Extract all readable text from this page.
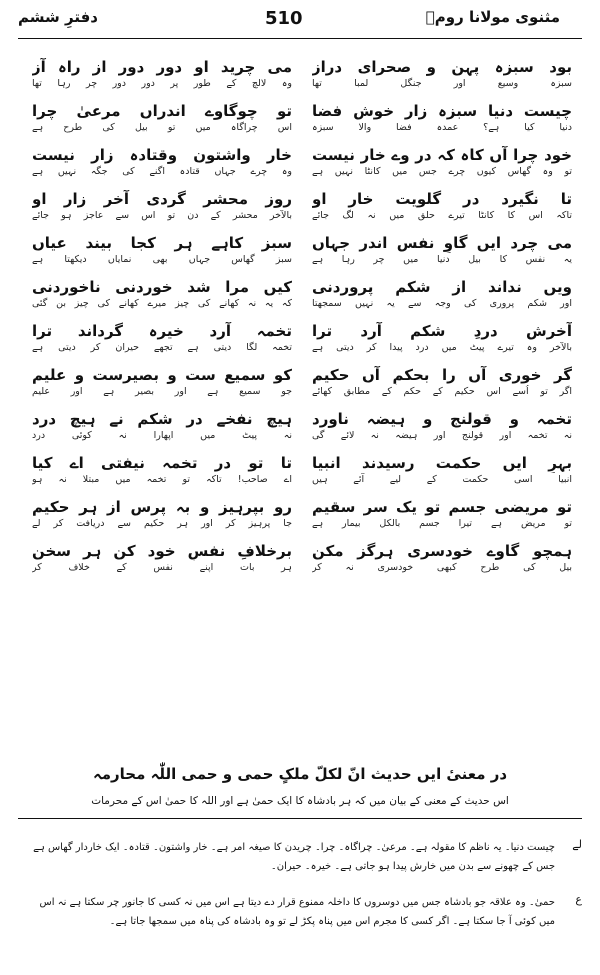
مثنوی مولانا رومؒ
510
دفترِ ششم
بود سبزہ پہن و صحرای دراز
سبزہ وسیع اور جنگل لمبا تھا
می چرید او دور دور از راہ آز
وہ لالچ کے طور پر دور دور چر رہا تھا
چیست دنیا سبزہ زار خوش فضا
دنیا کیا ہے؟ عمدہ فضا والا سبزہ
تو چوگاوے اندراں مرعیٰ چرا
اس چراگاہ میں تو بیل کی طرح ہے
خود چرا آں کاہ کہ در وے خار نیست
تو وہ گھاس کیوں چرے جس میں کانٹا نہیں ہے
خار واشتون وقتادہ زار نیست
وہ چرے جہاں قتادہ اگنے کی جگہ نہیں ہے
تا نگیرد در گلویت خار او
تاکہ اس کا کانٹا تیرے حلق میں نہ لگ جائے
روزِ محشر گردی آخر زار او
بالآخر محشر کے دن تو اس سے عاجز ہو جائے
می چرد ایں گاوِ نفس اندر جہاں
یہ نفس کا بیل دنیا میں چر رہا ہے
سبز کاہے ہر کجا بیند عیاں
سبز گھاس جہاں بھی نمایاں دیکھتا ہے
ویں نداند از شکم پروردنی
اور شکم پروری کی وجہ سے یہ نہیں سمجھتا
کیں مرا شد خوردنی ناخوردنی
کہ یہ نہ کھانے کی چیز میرے کھانے کی چیز بن گئی
آخرش دردِ شکم آرد ترا
بالآخر وہ تیرے پیٹ میں درد پیدا کر دیتی ہے
تخمہ آرد خیرہ گرداند ترا
تخمہ لگا دیتی ہے تجھے حیران کر دیتی ہے
گر خوری آں را بحکمِ آں حکیم
اگر تو اُسے اس حکیم کے حکم کے مطابق کھائے
کو سمیع ست و بصیرست و علیم
جو سمیع ہے اور بصیر ہے اور علیم
تخمہ و قولنج و ہیضہ ناورد
نہ تخمہ اور قولنج اور ہیضہ نہ لائے گی
ہیچ نفخے در شکم نے ہیچ درد
نہ پیٹ میں اپھارا نہ کوئی درد
بہرِ ایں حکمت رسیدند انبیا
انبیا اسی حکمت کے لیے آئے ہیں
تا تو در تخمہ نیفتی اے کیا
اے صاحب! تاکہ تو تخمہ میں مبتلا نہ ہو
تو مریضی جسم تو یک سر سقیم
تو مریض ہے تیرا جسم بالکل بیمار ہے
رو بپرہیز و بہ پرس از ہر حکیم
جا پرہیز کر اور ہر حکیم سے دریافت کر لے
ہمچو گاوے خودسری ہرگز مکن
بیل کی طرح کبھی خودسری نہ کر
برخلافِ نفسِ خود کن ہر سخن
ہر بات اپنے نفس کے خلاف کر
در معنیٔ ایں حدیث انّ لکلّ ملکٍ حمی و حمی اللّٰہ محارمہ
اس حدیث کے معنی کے بیان میں کہ ہر بادشاہ کا ایک حمیٰ ہے اور اللہ کا حمیٰ اس کے محرمات
لے
چیست دنیا۔ یہ ناظم کا مقولہ ہے۔ مرعیٰ۔ چراگاہ۔ چرا۔ چریدن کا صیغہ امر ہے۔ خار واشتون۔ قتادہ۔ ایک خاردار گھاس ہے جس کے چھونے سے بدن میں خارش پیدا ہو جاتی ہے۔ خیرہ۔ حیران۔
ع
حمیٰ۔ وہ علاقہ جو بادشاہ جس میں دوسروں کا داخلہ ممنوع قرار دے دیتا ہے اس میں نہ کسی کا جانور چر سکتا ہے نہ اس میں کوئی آ جا سکتا ہے۔ اگر کسی کا مجرم اس میں پناہ پکڑ لے تو وہ بادشاہ کی پناہ میں سمجھا جاتا ہے۔
